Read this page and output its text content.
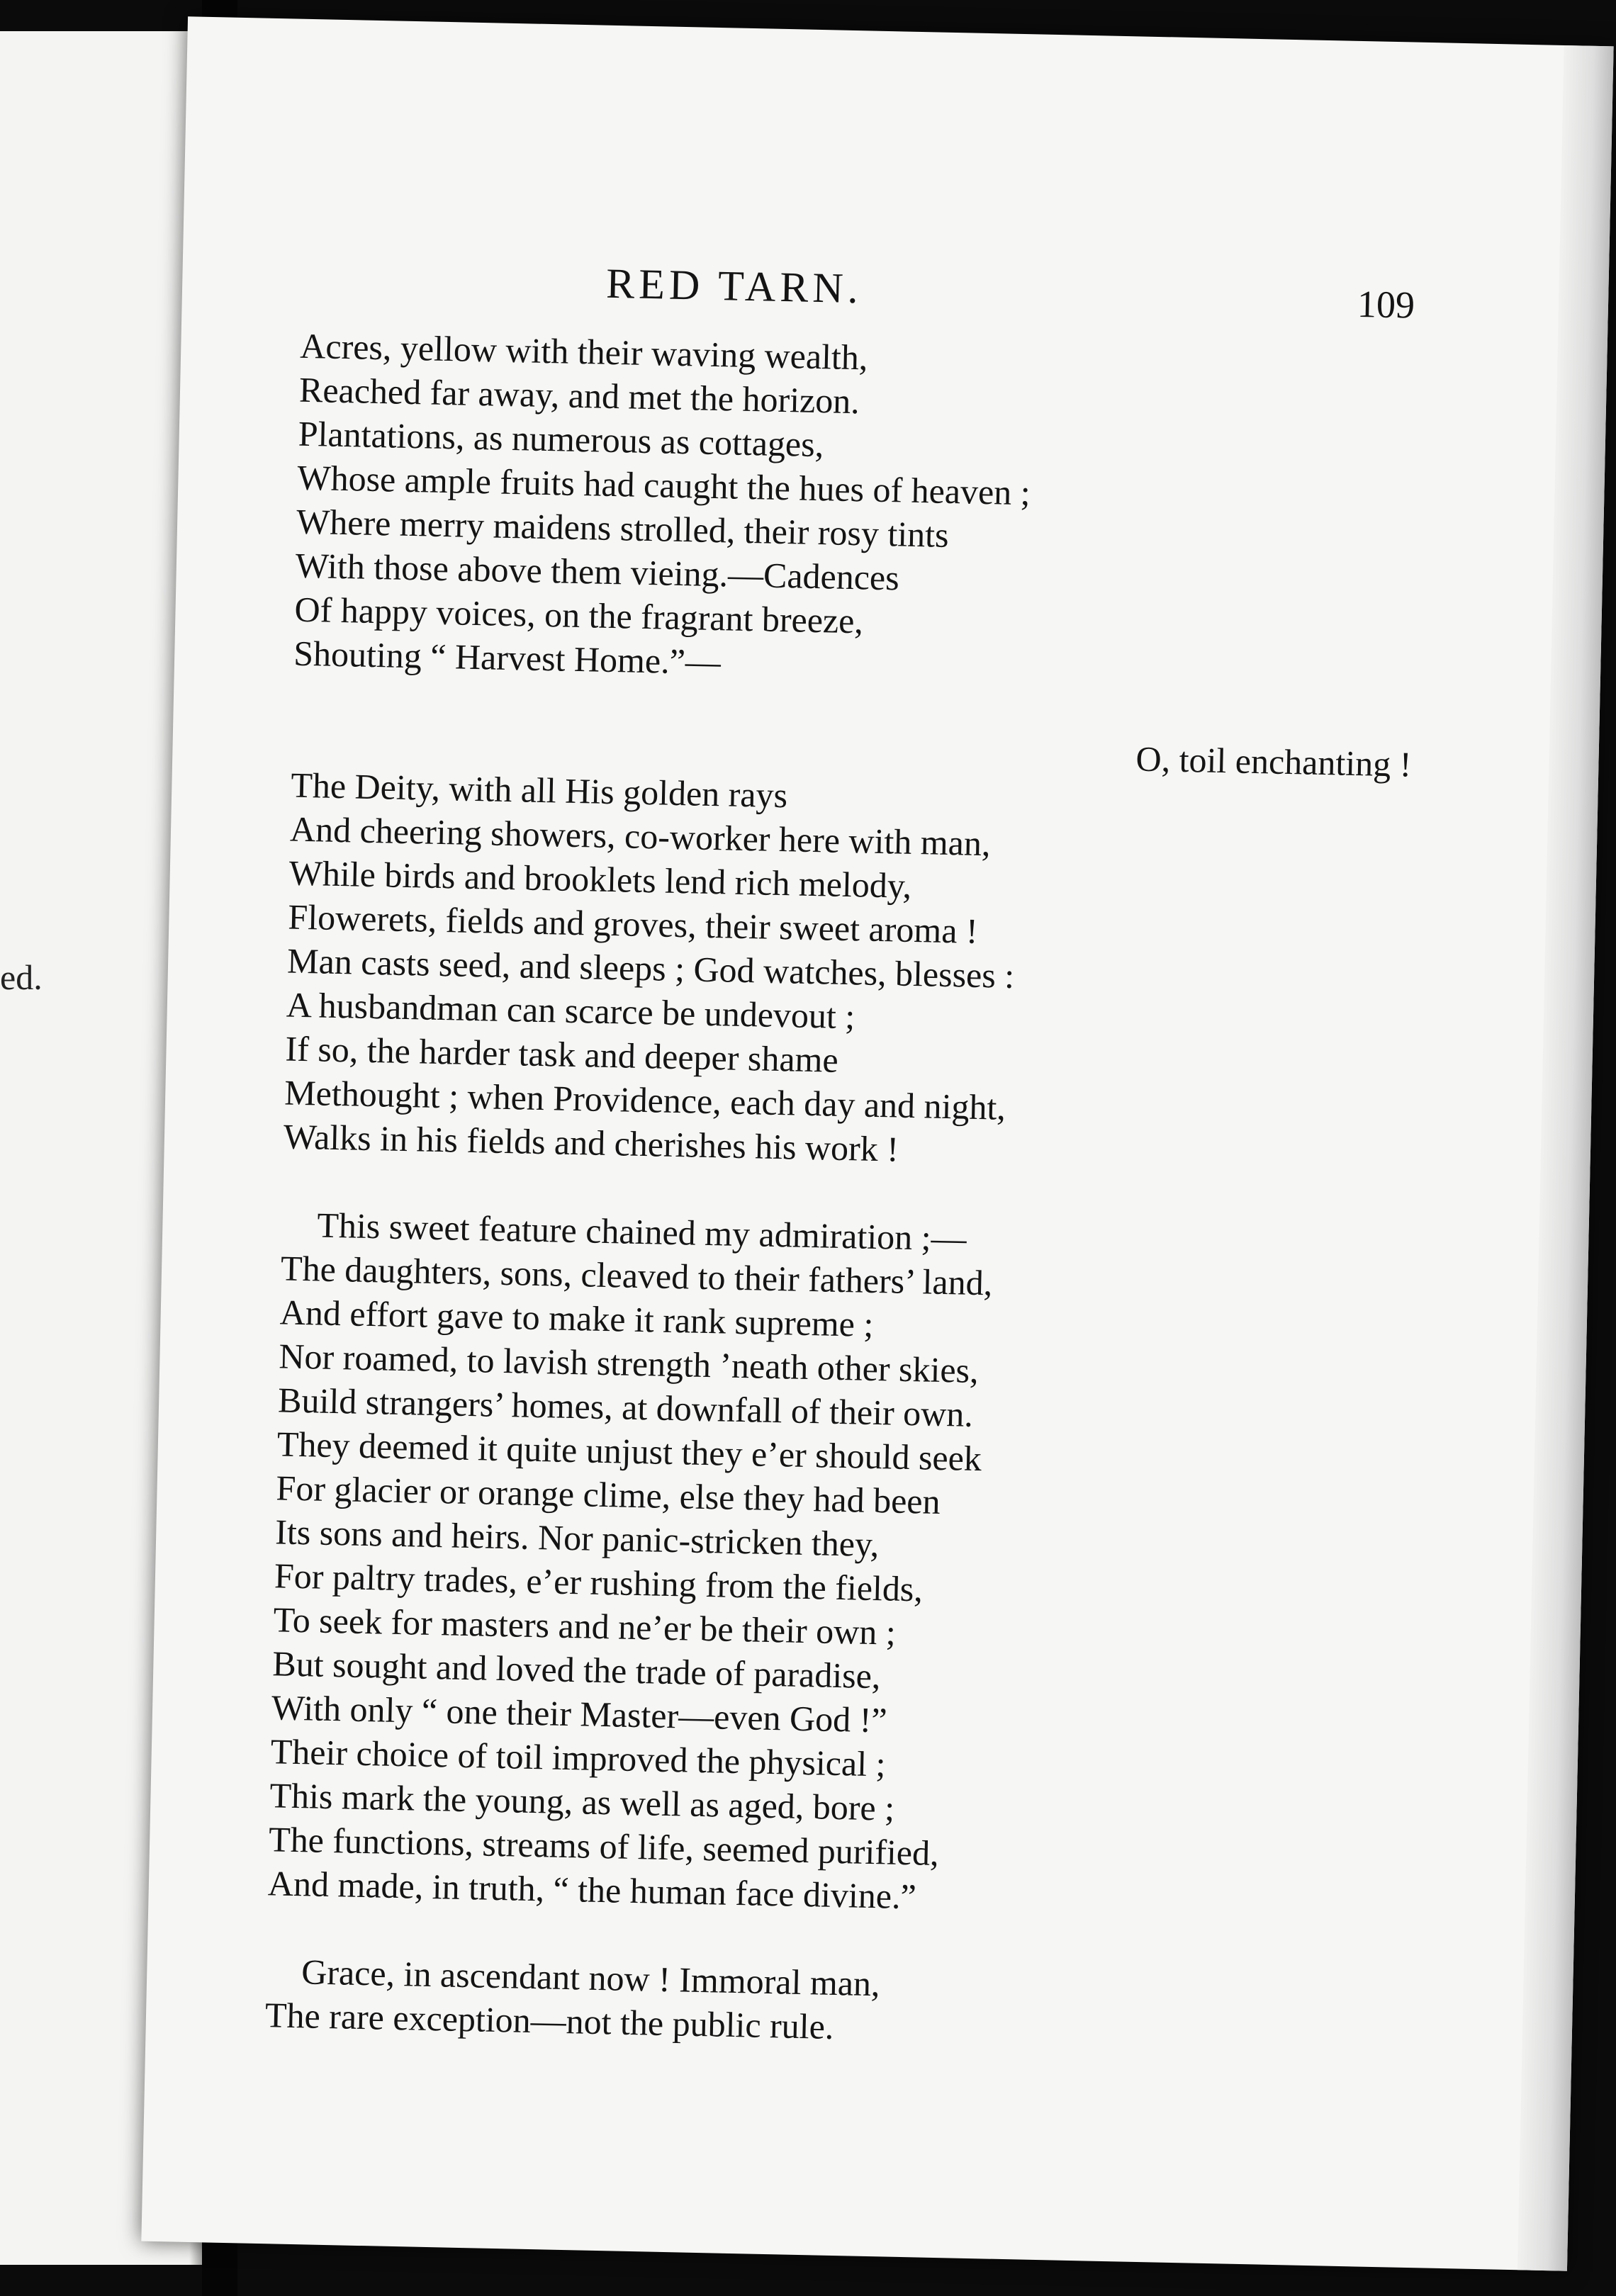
ed.
RED TARN.	109
Acres, yellow with their waving wealth,
Reached far away, and met the horizon.
Plantations, as numerous as cottages,
Whose ample fruits had caught the hues of heaven ;
Where merry maidens strolled, their rosy tints
With those above them vieing.—Cadences
Of happy voices, on the fragrant breeze,
Shouting “ Harvest Home.”—
O, toil enchanting !
The Deity, with all His golden rays
And cheering showers, co-worker here with man,
While birds and brooklets lend rich melody,
Flowerets, fields and groves, their sweet aroma !
Man casts seed, and sleeps ; God watches, blesses :
A husbandman can scarce be undevout ;
If so, the harder task and deeper shame
Methought ; when Providence, each day and night,
Walks in his fields and cherishes his work !
This sweet feature chained my admiration ;—
The daughters, sons, cleaved to their fathers’ land,
And effort gave to make it rank supreme ;
Nor roamed, to lavish strength ’neath other skies,
Build strangers’ homes, at downfall of their own.
They deemed it quite unjust they e’er should seek
For glacier or orange clime, else they had been
Its sons and heirs. Nor panic-stricken they,
For paltry trades, e’er rushing from the fields,
To seek for masters and ne’er be their own ;
But sought and loved the trade of paradise,
With only “ one their Master—even God !”
Their choice of toil improved the physical ;
This mark the young, as well as aged, bore ;
The functions, streams of life, seemed purified,
And made, in truth, “ the human face divine.”
Grace, in ascendant now ! Immoral man,
The rare exception—not the public rule.
